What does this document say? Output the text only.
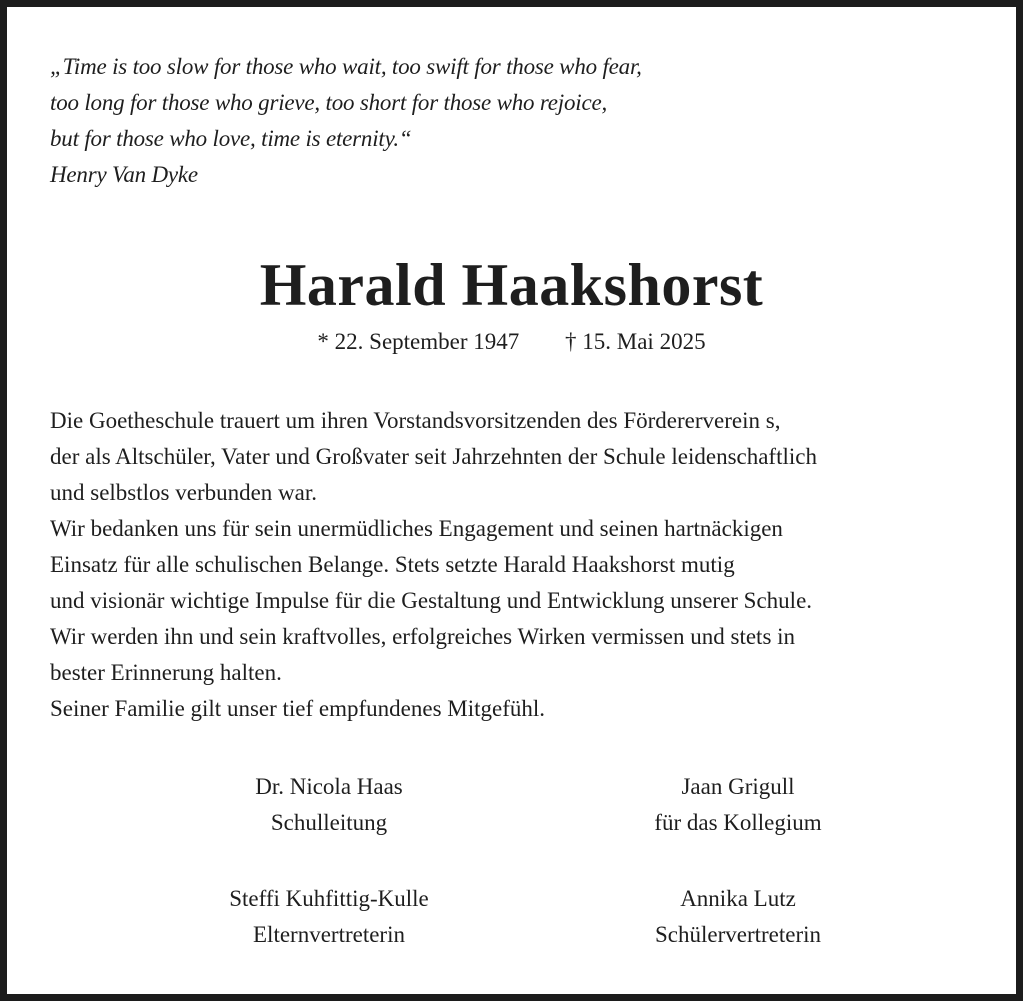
„Time is too slow for those who wait, too swift for those who fear,
too long for those who grieve, too short for those who rejoice,
but for those who love, time is eternity.“
Henry Van Dyke
Harald Haakshorst
* 22. September 1947 † 15. Mai 2025
Die Goetheschule trauert um ihren Vorstandsvorsitzenden des Fördererverein s,
der als Altschüler, Vater und Großvater seit Jahrzehnten der Schule leidenschaftlich
und selbstlos verbunden war.
Wir bedanken uns für sein unermüdliches Engagement und seinen hartnäckigen
Einsatz für alle schulischen Belange. Stets setzte Harald Haakshorst mutig
und visionär wichtige Impulse für die Gestaltung und Entwicklung unserer Schule.
Wir werden ihn und sein kraftvolles, erfolgreiches Wirken vermissen und stets in
bester Erinnerung halten.
Seiner Familie gilt unser tief empfundenes Mitgefühl.
Dr. Nicola Haas
Schulleitung
Jaan Grigull
für das Kollegium
Steffi Kuhfittig-Kulle
Elternvertreterin
Annika Lutz
Schülervertreterin
